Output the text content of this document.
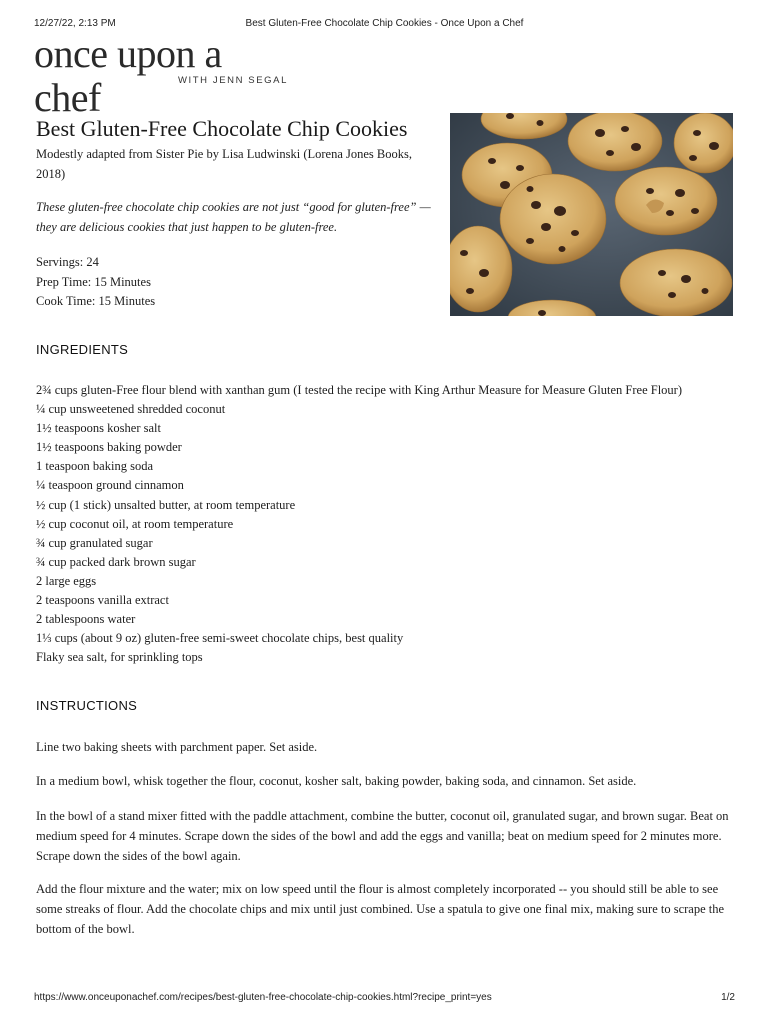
12/27/22, 2:13 PM	Best Gluten-Free Chocolate Chip Cookies - Once Upon a Chef
once upon a chef	WITH JENN SEGAL
Best Gluten-Free Chocolate Chip Cookies

Modestly adapted from Sister Pie by Lisa Ludwinski (Lorena Jones Books, 2018)

These gluten-free chocolate chip cookies are not just “good for gluten-free” — they are delicious cookies that just happen to be gluten-free.

Servings: 24
Prep Time: 15 Minutes
Cook Time: 15 Minutes
INGREDIENTS
2¾ cups gluten-Free flour blend with xanthan gum (I tested the recipe with King Arthur Measure for Measure Gluten Free Flour)
¼ cup unsweetened shredded coconut
1½ teaspoons kosher salt
1½ teaspoons baking powder
1 teaspoon baking soda
¼ teaspoon ground cinnamon
½ cup (1 stick) unsalted butter, at room temperature
½ cup coconut oil, at room temperature
¾ cup granulated sugar
¾ cup packed dark brown sugar
2 large eggs
2 teaspoons vanilla extract
2 tablespoons water
1⅓ cups (about 9 oz) gluten-free semi-sweet chocolate chips, best quality
Flaky sea salt, for sprinkling tops
INSTRUCTIONS

Line two baking sheets with parchment paper. Set aside.

In a medium bowl, whisk together the flour, coconut, kosher salt, baking powder, baking soda, and cinnamon. Set aside.

In the bowl of a stand mixer fitted with the paddle attachment, combine the butter, coconut oil, granulated sugar, and brown sugar. Beat on medium speed for 4 minutes. Scrape down the sides of the bowl and add the eggs and vanilla; beat on medium speed for 2 minutes more. Scrape down the sides of the bowl again.

Add the flour mixture and the water; mix on low speed until the flour is almost completely incorporated -- you should still be able to see some streaks of flour. Add the chocolate chips and mix until just combined. Use a spatula to give one final mix, making sure to scrape the bottom of the bowl.

https://www.onceuponachef.com/recipes/best-gluten-free-chocolate-chip-cookies.html?recipe_print=yes	1/2
